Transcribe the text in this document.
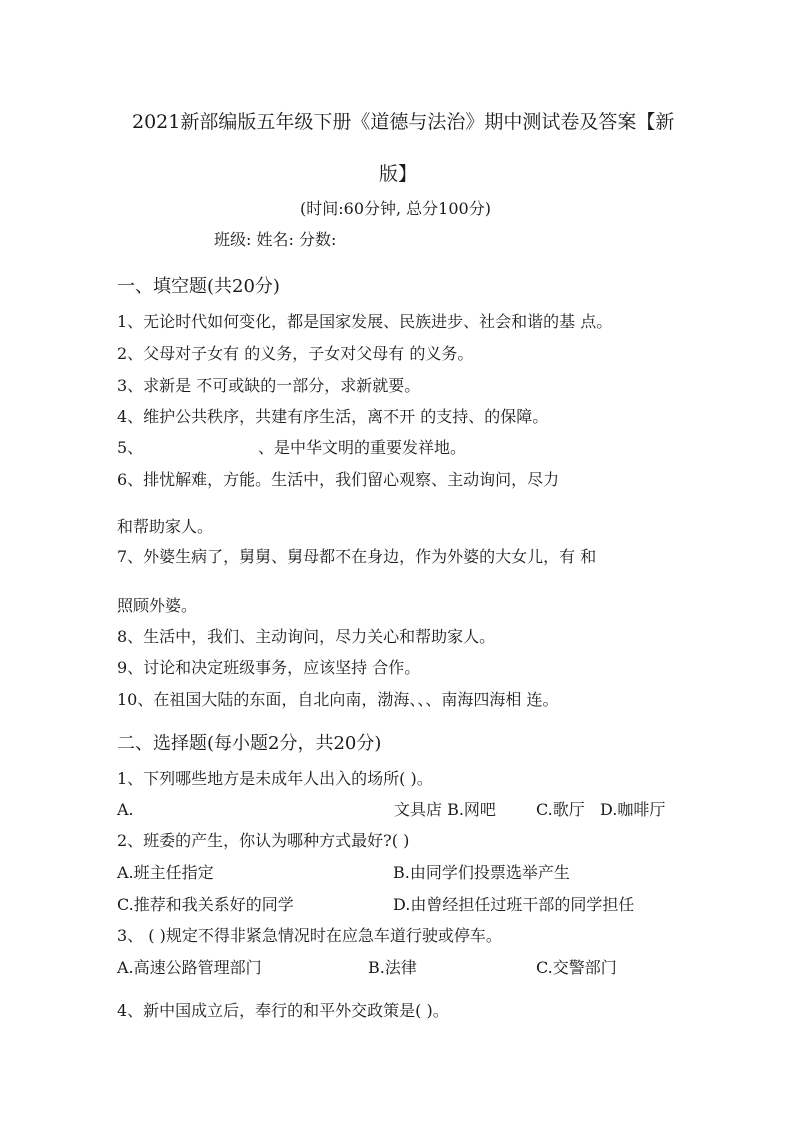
2021新部编版五年级下册《道德与法治》期中测试卷及答案【新
版】
(时间:60分钟, 总分100分)
班级: 姓名: 分数:
一、填空题(共20分)
1、无论时代如何变化，都是国家发展、民族进步、社会和谐的基 点。
2、父母对子女有 的义务，子女对父母有 的义务。
3、求新是 不可或缺的一部分，求新就要。
4、维护公共秩序，共建有序生活，离不开 的支持、的保障。
5、	、是中华文明的重要发祥地。
6、排忧解难，方能。生活中，我们留心观察、主动询问，尽力
和帮助家人。
7、外婆生病了，舅舅、舅母都不在身边，作为外婆的大女儿，有 和
照顾外婆。
8、生活中，我们、主动询问，尽力关心和帮助家人。
9、讨论和决定班级事务，应该坚持 合作。
10、在祖国大陆的东面，自北向南，渤海、、、南海四海相 连。
二、选择题(每小题2分，共20分)
1、下列哪些地方是未成年人出入的场所( )。
A.	文具店 B.网吧	C.歌厅 D.咖啡厅
2、班委的产生，你认为哪种方式最好?( )
A.班主任指定	B.由同学们投票选举产生
C.推荐和我关系好的同学	D.由曾经担任过班干部的同学担任
3、 ( )规定不得非紧急情况时在应急车道行驶或停车。
A.高速公路管理部门	B.法律	C.交警部门
4、新中国成立后，奉行的和平外交政策是( )。
